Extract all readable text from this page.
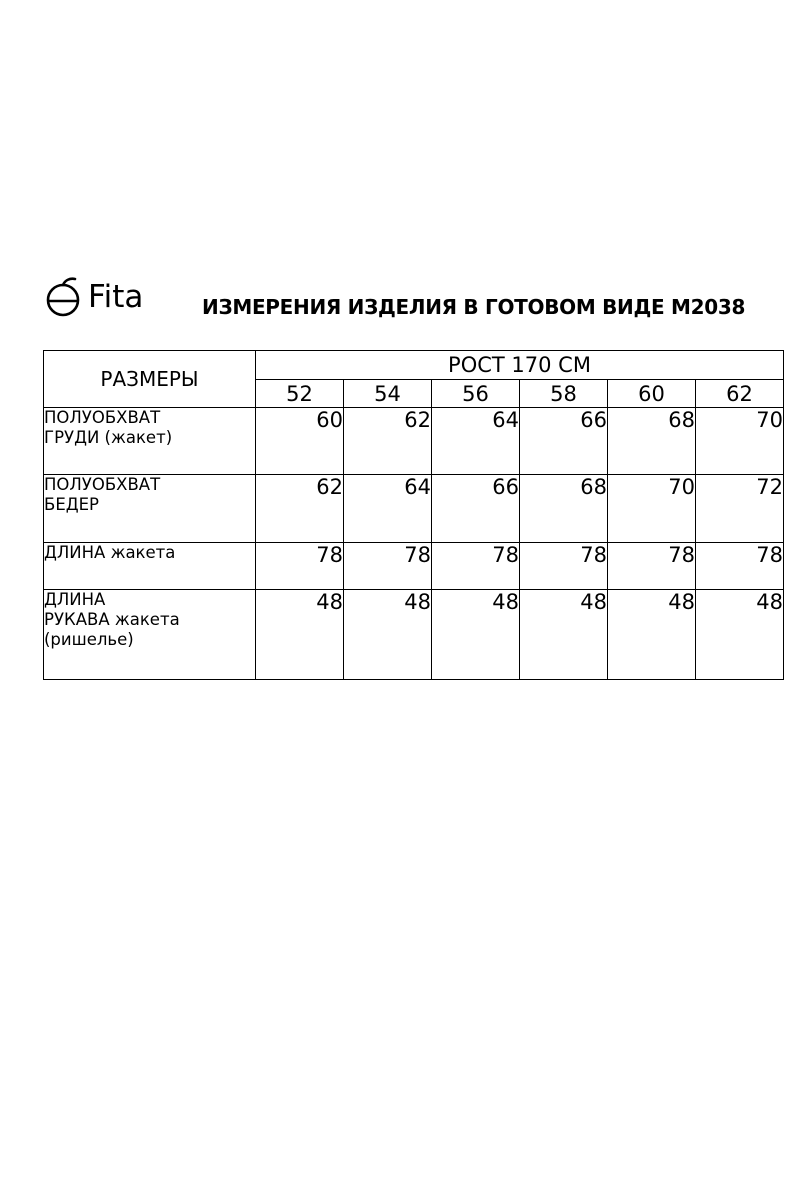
Fita	ИЗМЕРЕНИЯ ИЗДЕЛИЯ В ГОТОВОМ ВИДЕ М2038
РАЗМЕРЫ	РОСТ 170 СМ					
	52	54	56	58	60	62
ПОЛУОБХВАТ
ГРУДИ (жакет)	60	62	64	66	68	70
ПОЛУОБХВАТ
БЕДЕР	62	64	66	68	70	72
ДЛИНА жакета	78	78	78	78	78	78
ДЛИНА
РУКАВА жакета
(ришелье)	48	48	48	48	48	48
